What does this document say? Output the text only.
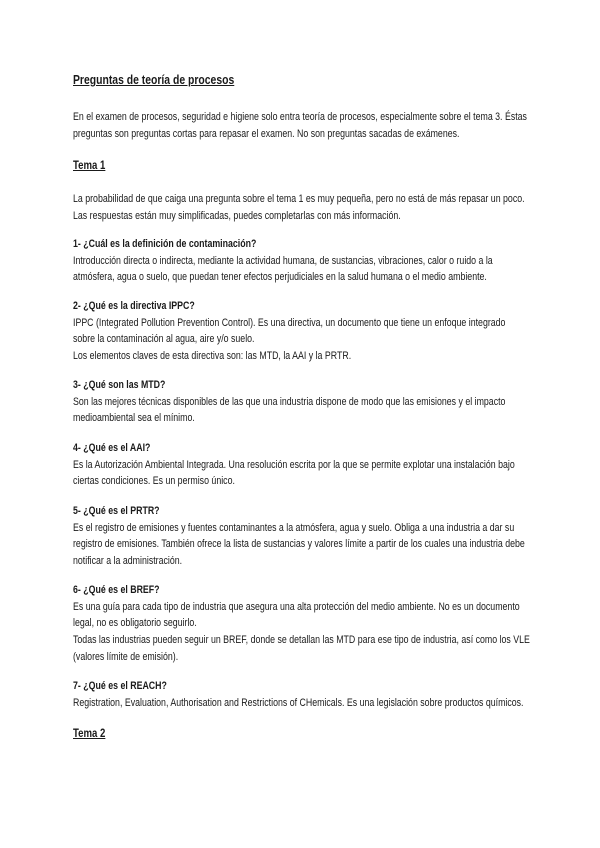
Preguntas de teoría de procesos
En el examen de procesos, seguridad e higiene solo entra teoría de procesos, especialmente sobre el tema 3. Éstas
preguntas son preguntas cortas para repasar el examen. No son preguntas sacadas de exámenes.
Tema 1
La probabilidad de que caiga una pregunta sobre el tema 1 es muy pequeña, pero no está de más repasar un poco.
Las respuestas están muy simplificadas, puedes completarlas con más información.
1- ¿Cuál es la definición de contaminación?
Introducción directa o indirecta, mediante la actividad humana, de sustancias, vibraciones, calor o ruido a la
atmósfera, agua o suelo, que puedan tener efectos perjudiciales en la salud humana o el medio ambiente.
2- ¿Qué es la directiva IPPC?
IPPC (Integrated Pollution Prevention Control). Es una directiva, un documento que tiene un enfoque integrado
sobre la contaminación al agua, aire y/o suelo.
Los elementos claves de esta directiva son: las MTD, la AAI y la PRTR.
3- ¿Qué son las MTD?
Son las mejores técnicas disponibles de las que una industria dispone de modo que las emisiones y el impacto
medioambiental sea el mínimo.
4- ¿Qué es el AAI?
Es la Autorización Ambiental Integrada. Una resolución escrita por la que se permite explotar una instalación bajo
ciertas condiciones. Es un permiso único.
5- ¿Qué es el PRTR?
Es el registro de emisiones y fuentes contaminantes a la atmósfera, agua y suelo. Obliga a una industria a dar su
registro de emisiones. También ofrece la lista de sustancias y valores límite a partir de los cuales una industria debe
notificar a la administración.
6- ¿Qué es el BREF?
Es una guía para cada tipo de industria que asegura una alta protección del medio ambiente. No es un documento
legal, no es obligatorio seguirlo.
Todas las industrias pueden seguir un BREF, donde se detallan las MTD para ese tipo de industria, así como los VLE
(valores límite de emisión).
7- ¿Qué es el REACH?
Registration, Evaluation, Authorisation and Restrictions of CHemicals. Es una legislación sobre productos químicos.
Tema 2
